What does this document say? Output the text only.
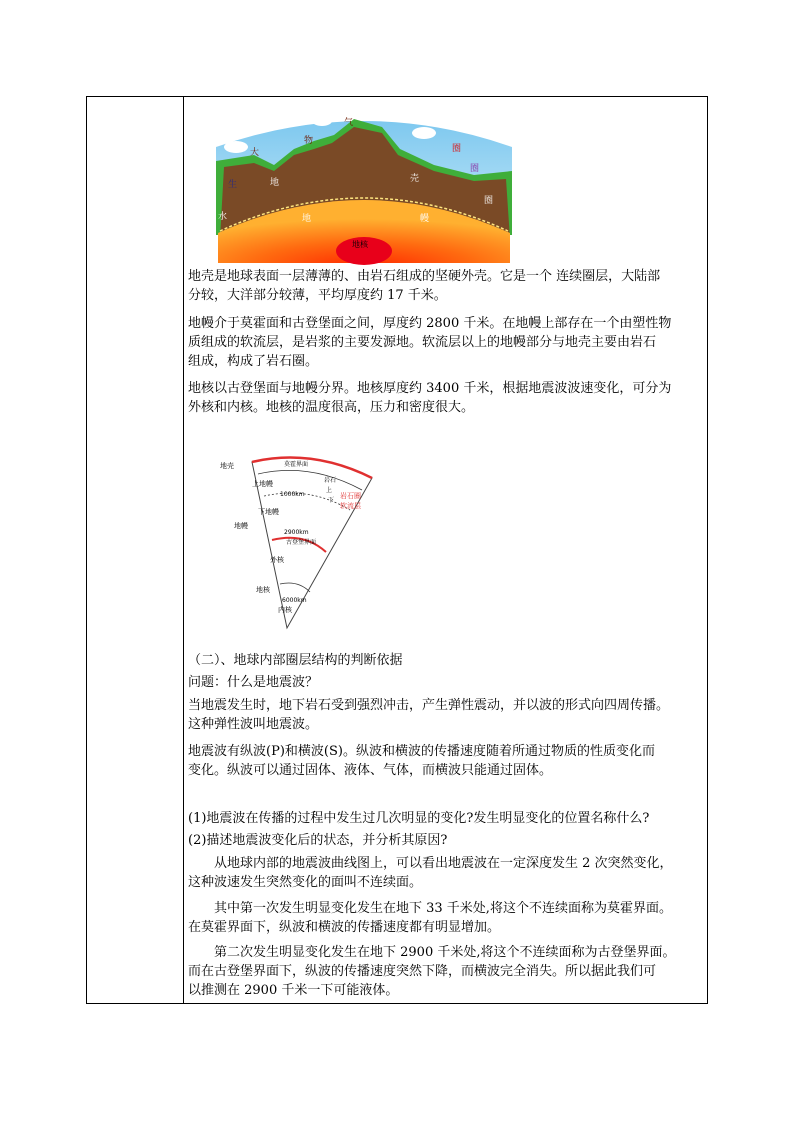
大
气
物
圈
生
圈
地	壳
水
圈
地	幔
地核
地壳是地球表面一层薄薄的、由岩石组成的坚硬外壳。它是一个 连续圈层，大陆部
分较，大洋部分较薄，平均厚度约 17 千米。
地幔介于莫霍面和古登堡面之间，厚度约 2800 千米。在地幔上部存在一个由塑性物
质组成的软流层，是岩浆的主要发源地。软流层以上的地幔部分与地壳主要由岩石
组成，构成了岩石圈。
地核以古登堡面与地幔分界。地核厚度约 3400 千米，根据地震波波速变化，可分为
外核和内核。地核的温度很高，压力和密度很大。
地壳	莫霍界面
1000km
2900km
古登堡界面
6000km
岩石圈
软流层
上地幔
下地幔
地幔
外核
内核
地核
岩石
上
下
（二）、地球内部圈层结构的判断依据
问题：什么是地震波？
当地震发生时，地下岩石受到强烈冲击，产生弹性震动，并以波的形式向四周传播。
这种弹性波叫地震波。
地震波有纵波(P)和横波(S)。纵波和横波的传播速度随着所通过物质的性质变化而
变化。纵波可以通过固体、液体、气体，而横波只能通过固体。
(1)地震波在传播的过程中发生过几次明显的变化?发生明显变化的位置名称什么?
(2)描述地震波变化后的状态，并分析其原因?
从地球内部的地震波曲线图上，可以看出地震波在一定深度发生 2 次突然变化，
这种波速发生突然变化的面叫不连续面。
其中第一次发生明显变化发生在地下 33 千米处,将这个不连续面称为莫霍界面。
在莫霍界面下，纵波和横波的传播速度都有明显增加。
第二次发生明显变化发生在地下 2900 千米处,将这个不连续面称为古登堡界面。
而在古登堡界面下，纵波的传播速度突然下降，而横波完全消失。所以据此我们可
以推测在 2900 千米一下可能液体。
